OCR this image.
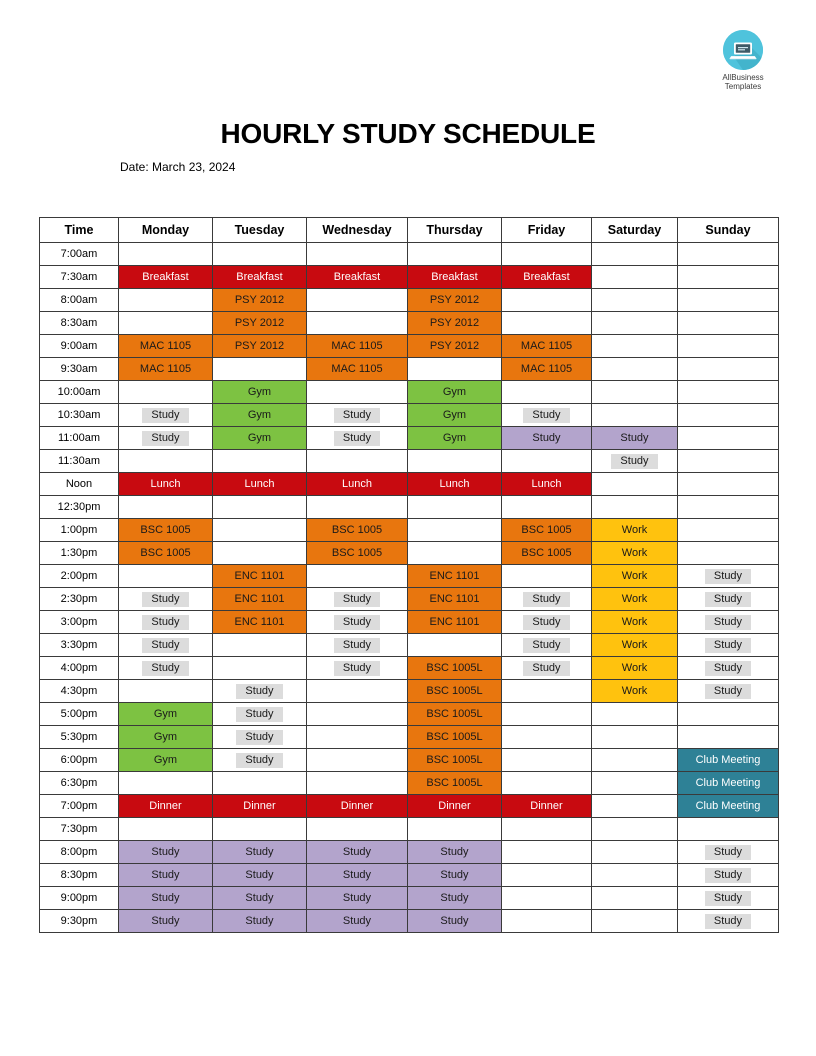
AllBusiness
Templates
HOURLY STUDY SCHEDULE
Date: March 23, 2024
Time	Monday	Tuesday	Wednesday	Thursday	Friday	Saturday	Sunday
7:00am							
7:30am	Breakfast	Breakfast	Breakfast	Breakfast	Breakfast		
8:00am		PSY 2012		PSY 2012			
8:30am		PSY 2012		PSY 2012			
9:00am	MAC 1105	PSY 2012	MAC 1105	PSY 2012	MAC 1105		
9:30am	MAC 1105		MAC 1105		MAC 1105		
10:00am		Gym		Gym			
10:30am	Study	Gym	Study	Gym	Study		
11:00am	Study	Gym	Study	Gym	Study	Study	
11:30am						Study	
Noon	Lunch	Lunch	Lunch	Lunch	Lunch		
12:30pm							
1:00pm	BSC 1005		BSC 1005		BSC 1005	Work	
1:30pm	BSC 1005		BSC 1005		BSC 1005	Work	
2:00pm		ENC 1101		ENC 1101		Work	Study
2:30pm	Study	ENC 1101	Study	ENC 1101	Study	Work	Study
3:00pm	Study	ENC 1101	Study	ENC 1101	Study	Work	Study
3:30pm	Study		Study		Study	Work	Study
4:00pm	Study		Study	BSC 1005L	Study	Work	Study
4:30pm		Study		BSC 1005L		Work	Study
5:00pm	Gym	Study		BSC 1005L			
5:30pm	Gym	Study		BSC 1005L			
6:00pm	Gym	Study		BSC 1005L			Club Meeting
6:30pm				BSC 1005L			Club Meeting
7:00pm	Dinner	Dinner	Dinner	Dinner	Dinner		Club Meeting
7:30pm							
8:00pm	Study	Study	Study	Study			Study
8:30pm	Study	Study	Study	Study			Study
9:00pm	Study	Study	Study	Study			Study
9:30pm	Study	Study	Study	Study			Study
